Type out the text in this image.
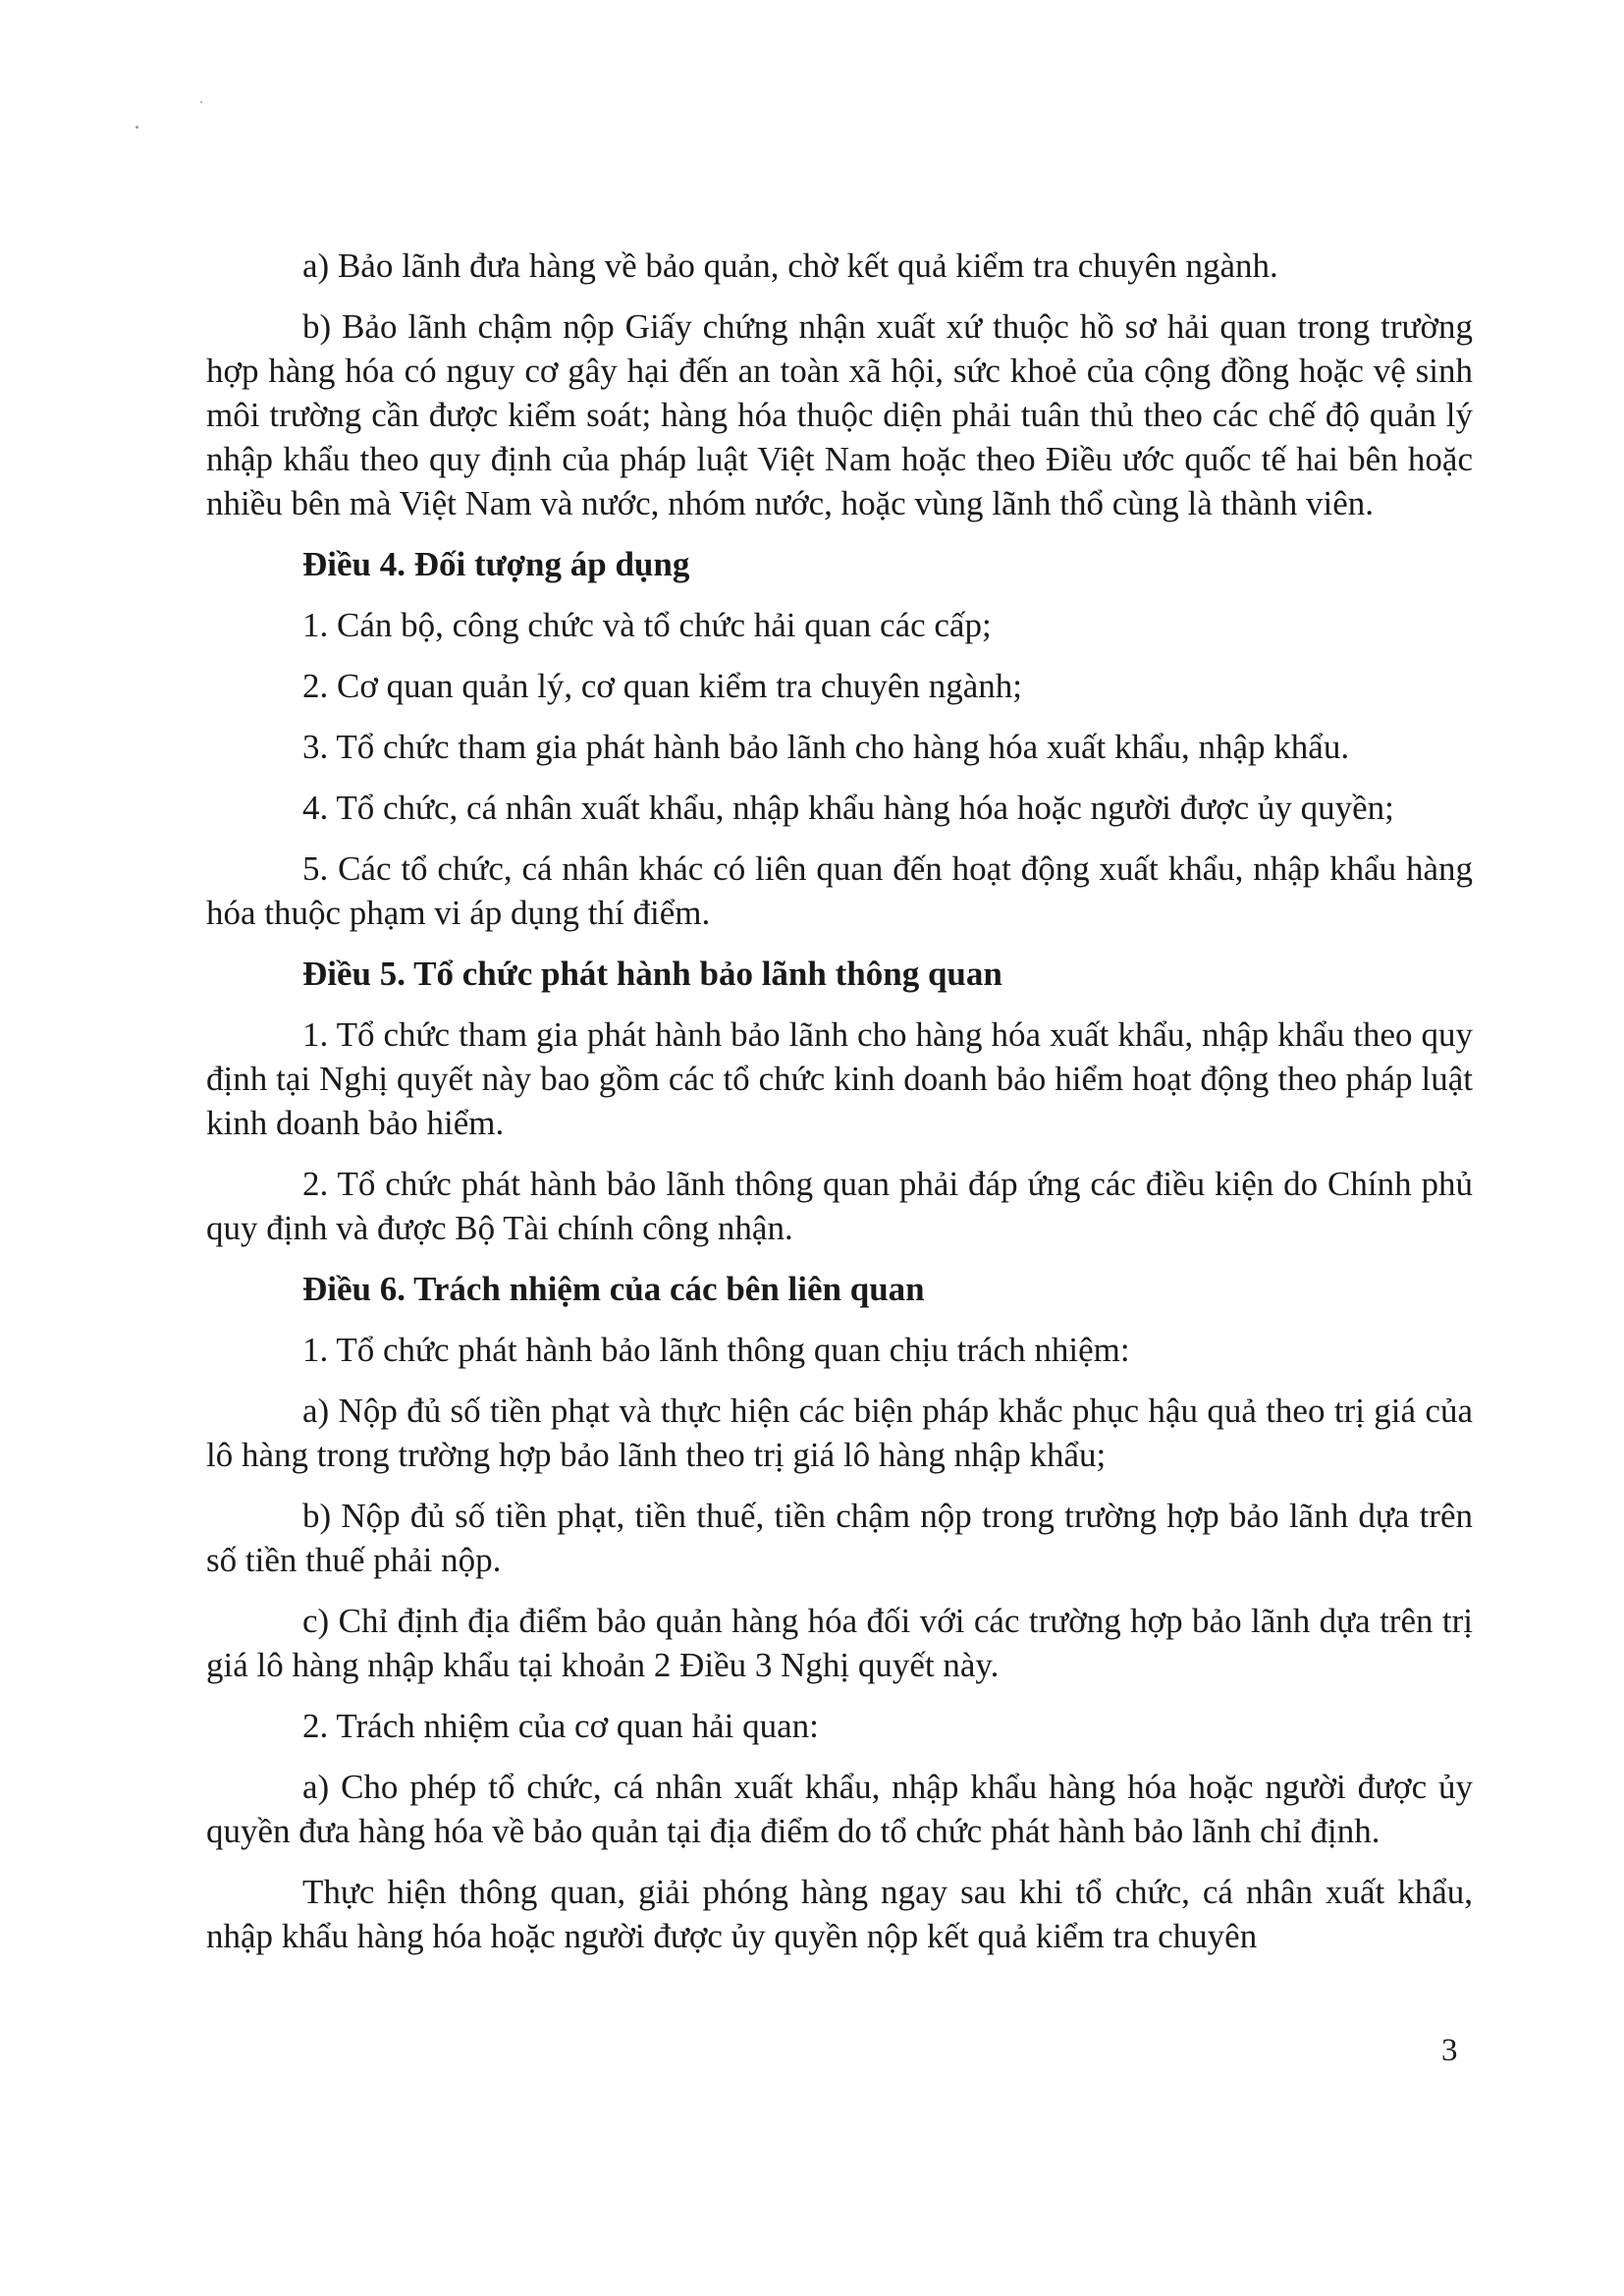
a) Bảo lãnh đưa hàng về bảo quản, chờ kết quả kiểm tra chuyên ngành.

b) Bảo lãnh chậm nộp Giấy chứng nhận xuất xứ thuộc hồ sơ hải quan trong trường hợp hàng hóa có nguy cơ gây hại đến an toàn xã hội, sức khoẻ của cộng đồng hoặc vệ sinh môi trường cần được kiểm soát; hàng hóa thuộc diện phải tuân thủ theo các chế độ quản lý nhập khẩu theo quy định của pháp luật Việt Nam hoặc theo Điều ước quốc tế hai bên hoặc nhiều bên mà Việt Nam và nước, nhóm nước, hoặc vùng lãnh thổ cùng là thành viên.

Điều 4. Đối tượng áp dụng

1. Cán bộ, công chức và tổ chức hải quan các cấp;

2. Cơ quan quản lý, cơ quan kiểm tra chuyên ngành;

3. Tổ chức tham gia phát hành bảo lãnh cho hàng hóa xuất khẩu, nhập khẩu.

4. Tổ chức, cá nhân xuất khẩu, nhập khẩu hàng hóa hoặc người được ủy quyền;

5. Các tổ chức, cá nhân khác có liên quan đến hoạt động xuất khẩu, nhập khẩu hàng hóa thuộc phạm vi áp dụng thí điểm.

Điều 5. Tổ chức phát hành bảo lãnh thông quan

1. Tổ chức tham gia phát hành bảo lãnh cho hàng hóa xuất khẩu, nhập khẩu theo quy định tại Nghị quyết này bao gồm các tổ chức kinh doanh bảo hiểm hoạt động theo pháp luật kinh doanh bảo hiểm.

2. Tổ chức phát hành bảo lãnh thông quan phải đáp ứng các điều kiện do Chính phủ quy định và được Bộ Tài chính công nhận.

Điều 6. Trách nhiệm của các bên liên quan

1. Tổ chức phát hành bảo lãnh thông quan chịu trách nhiệm:

a) Nộp đủ số tiền phạt và thực hiện các biện pháp khắc phục hậu quả theo trị giá của lô hàng trong trường hợp bảo lãnh theo trị giá lô hàng nhập khẩu;

b) Nộp đủ số tiền phạt, tiền thuế, tiền chậm nộp trong trường hợp bảo lãnh dựa trên số tiền thuế phải nộp.

c) Chỉ định địa điểm bảo quản hàng hóa đối với các trường hợp bảo lãnh dựa trên trị giá lô hàng nhập khẩu tại khoản 2 Điều 3 Nghị quyết này.

2. Trách nhiệm của cơ quan hải quan:

a) Cho phép tổ chức, cá nhân xuất khẩu, nhập khẩu hàng hóa hoặc người được ủy quyền đưa hàng hóa về bảo quản tại địa điểm do tổ chức phát hành bảo lãnh chỉ định.

Thực hiện thông quan, giải phóng hàng ngay sau khi tổ chức, cá nhân xuất khẩu, nhập khẩu hàng hóa hoặc người được ủy quyền nộp kết quả kiểm tra chuyên

3
